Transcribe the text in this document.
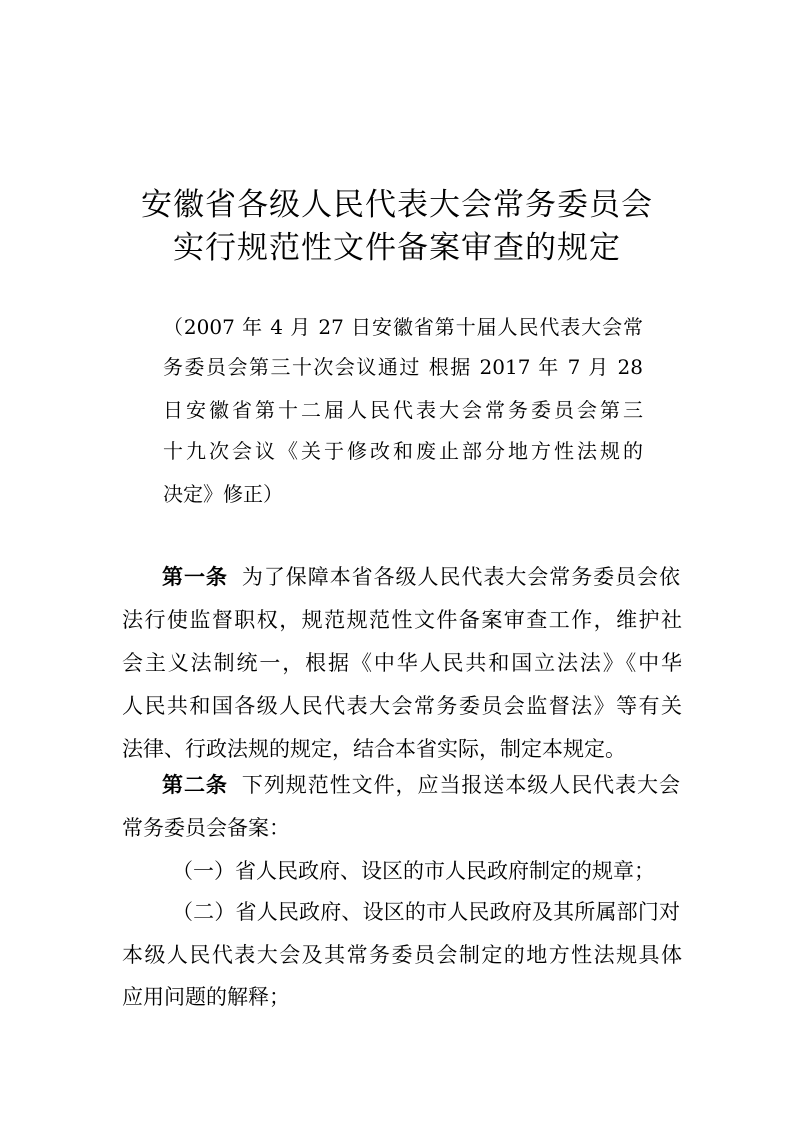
安徽省各级人民代表大会常务委员会
实行规范性文件备案审查的规定
（2007 年 4 月 27 日安徽省第十届人民代表大会常
务委员会第三十次会议通过 根据 2017 年 7 月 28
日安徽省第十二届人民代表大会常务委员会第三
十九次会议《关于修改和废止部分地方性法规的
决定》修正）
第一条 为了保障本省各级人民代表大会常务委员会依
法行使监督职权，规范规范性文件备案审查工作，维护社
会主义法制统一，根据《中华人民共和国立法法》《中华
人民共和国各级人民代表大会常务委员会监督法》等有关
法律、行政法规的规定，结合本省实际，制定本规定。
第二条 下列规范性文件，应当报送本级人民代表大会
常务委员会备案：
（一）省人民政府、设区的市人民政府制定的规章；
（二）省人民政府、设区的市人民政府及其所属部门对
本级人民代表大会及其常务委员会制定的地方性法规具体
应用问题的解释；
